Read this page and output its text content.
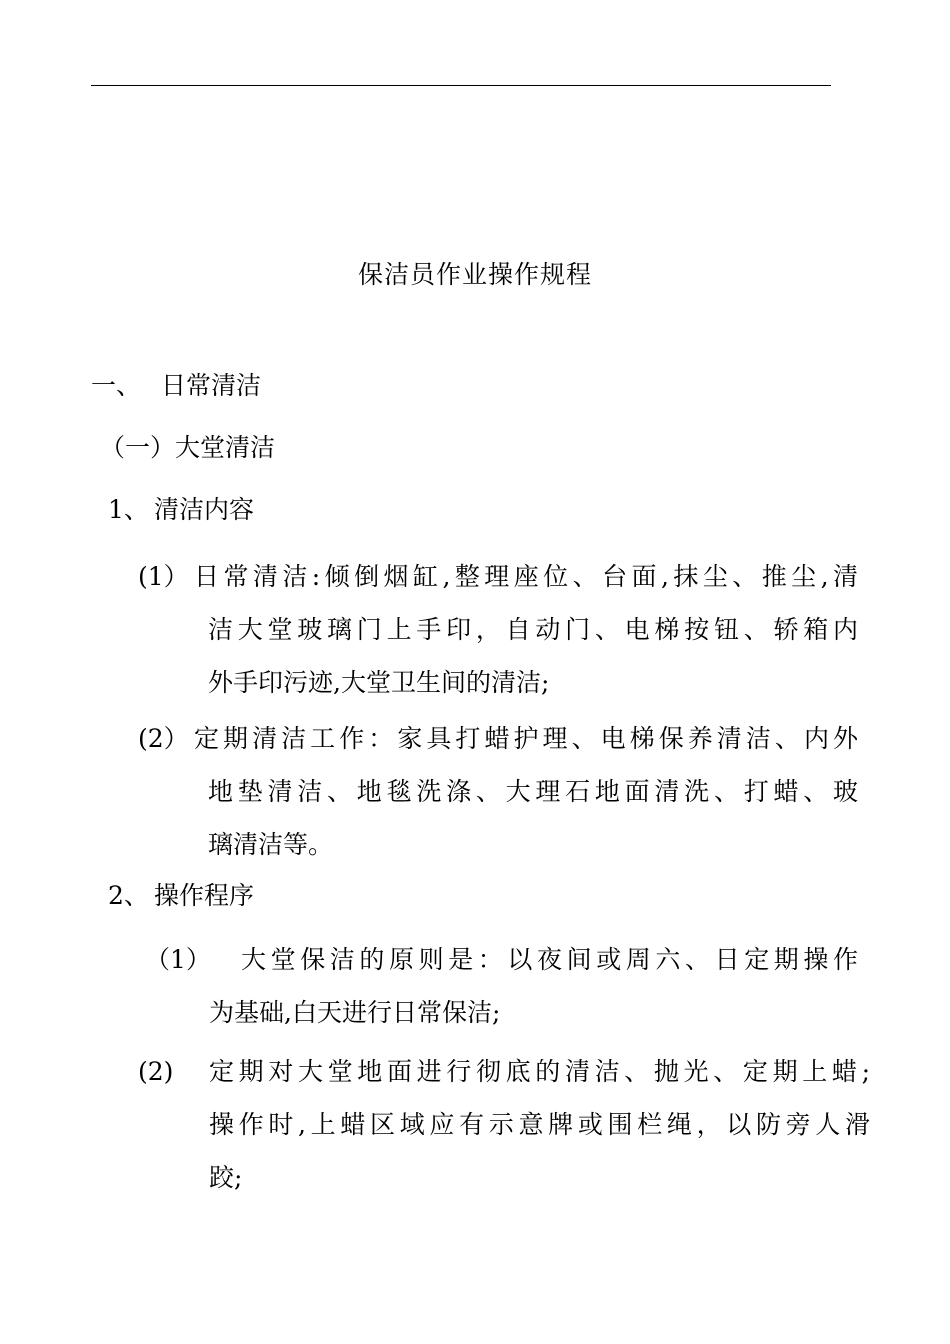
保洁员作业操作规程
一、 日常清洁
（一）大堂清洁
1、 清洁内容
(1） 日常清洁:倾倒烟缸,整理座位、台面,抹尘、推尘,清
洁大堂玻璃门上手印，自动门、电梯按钮、轿箱内
外手印污迹,大堂卫生间的清洁;
(2） 定期清洁工作：家具打蜡护理、电梯保养清洁、内外
地垫清洁、地毯洗涤、大理石地面清洗、打蜡、玻
璃清洁等。
2、 操作程序
（1）	大堂保洁的原则是：以夜间或周六、日定期操作
为基础,白天进行日常保洁;
(2) 定期对大堂地面进行彻底的清洁、抛光、定期上蜡;
操作时,上蜡区域应有示意牌或围栏绳，以防旁人滑
跤;
